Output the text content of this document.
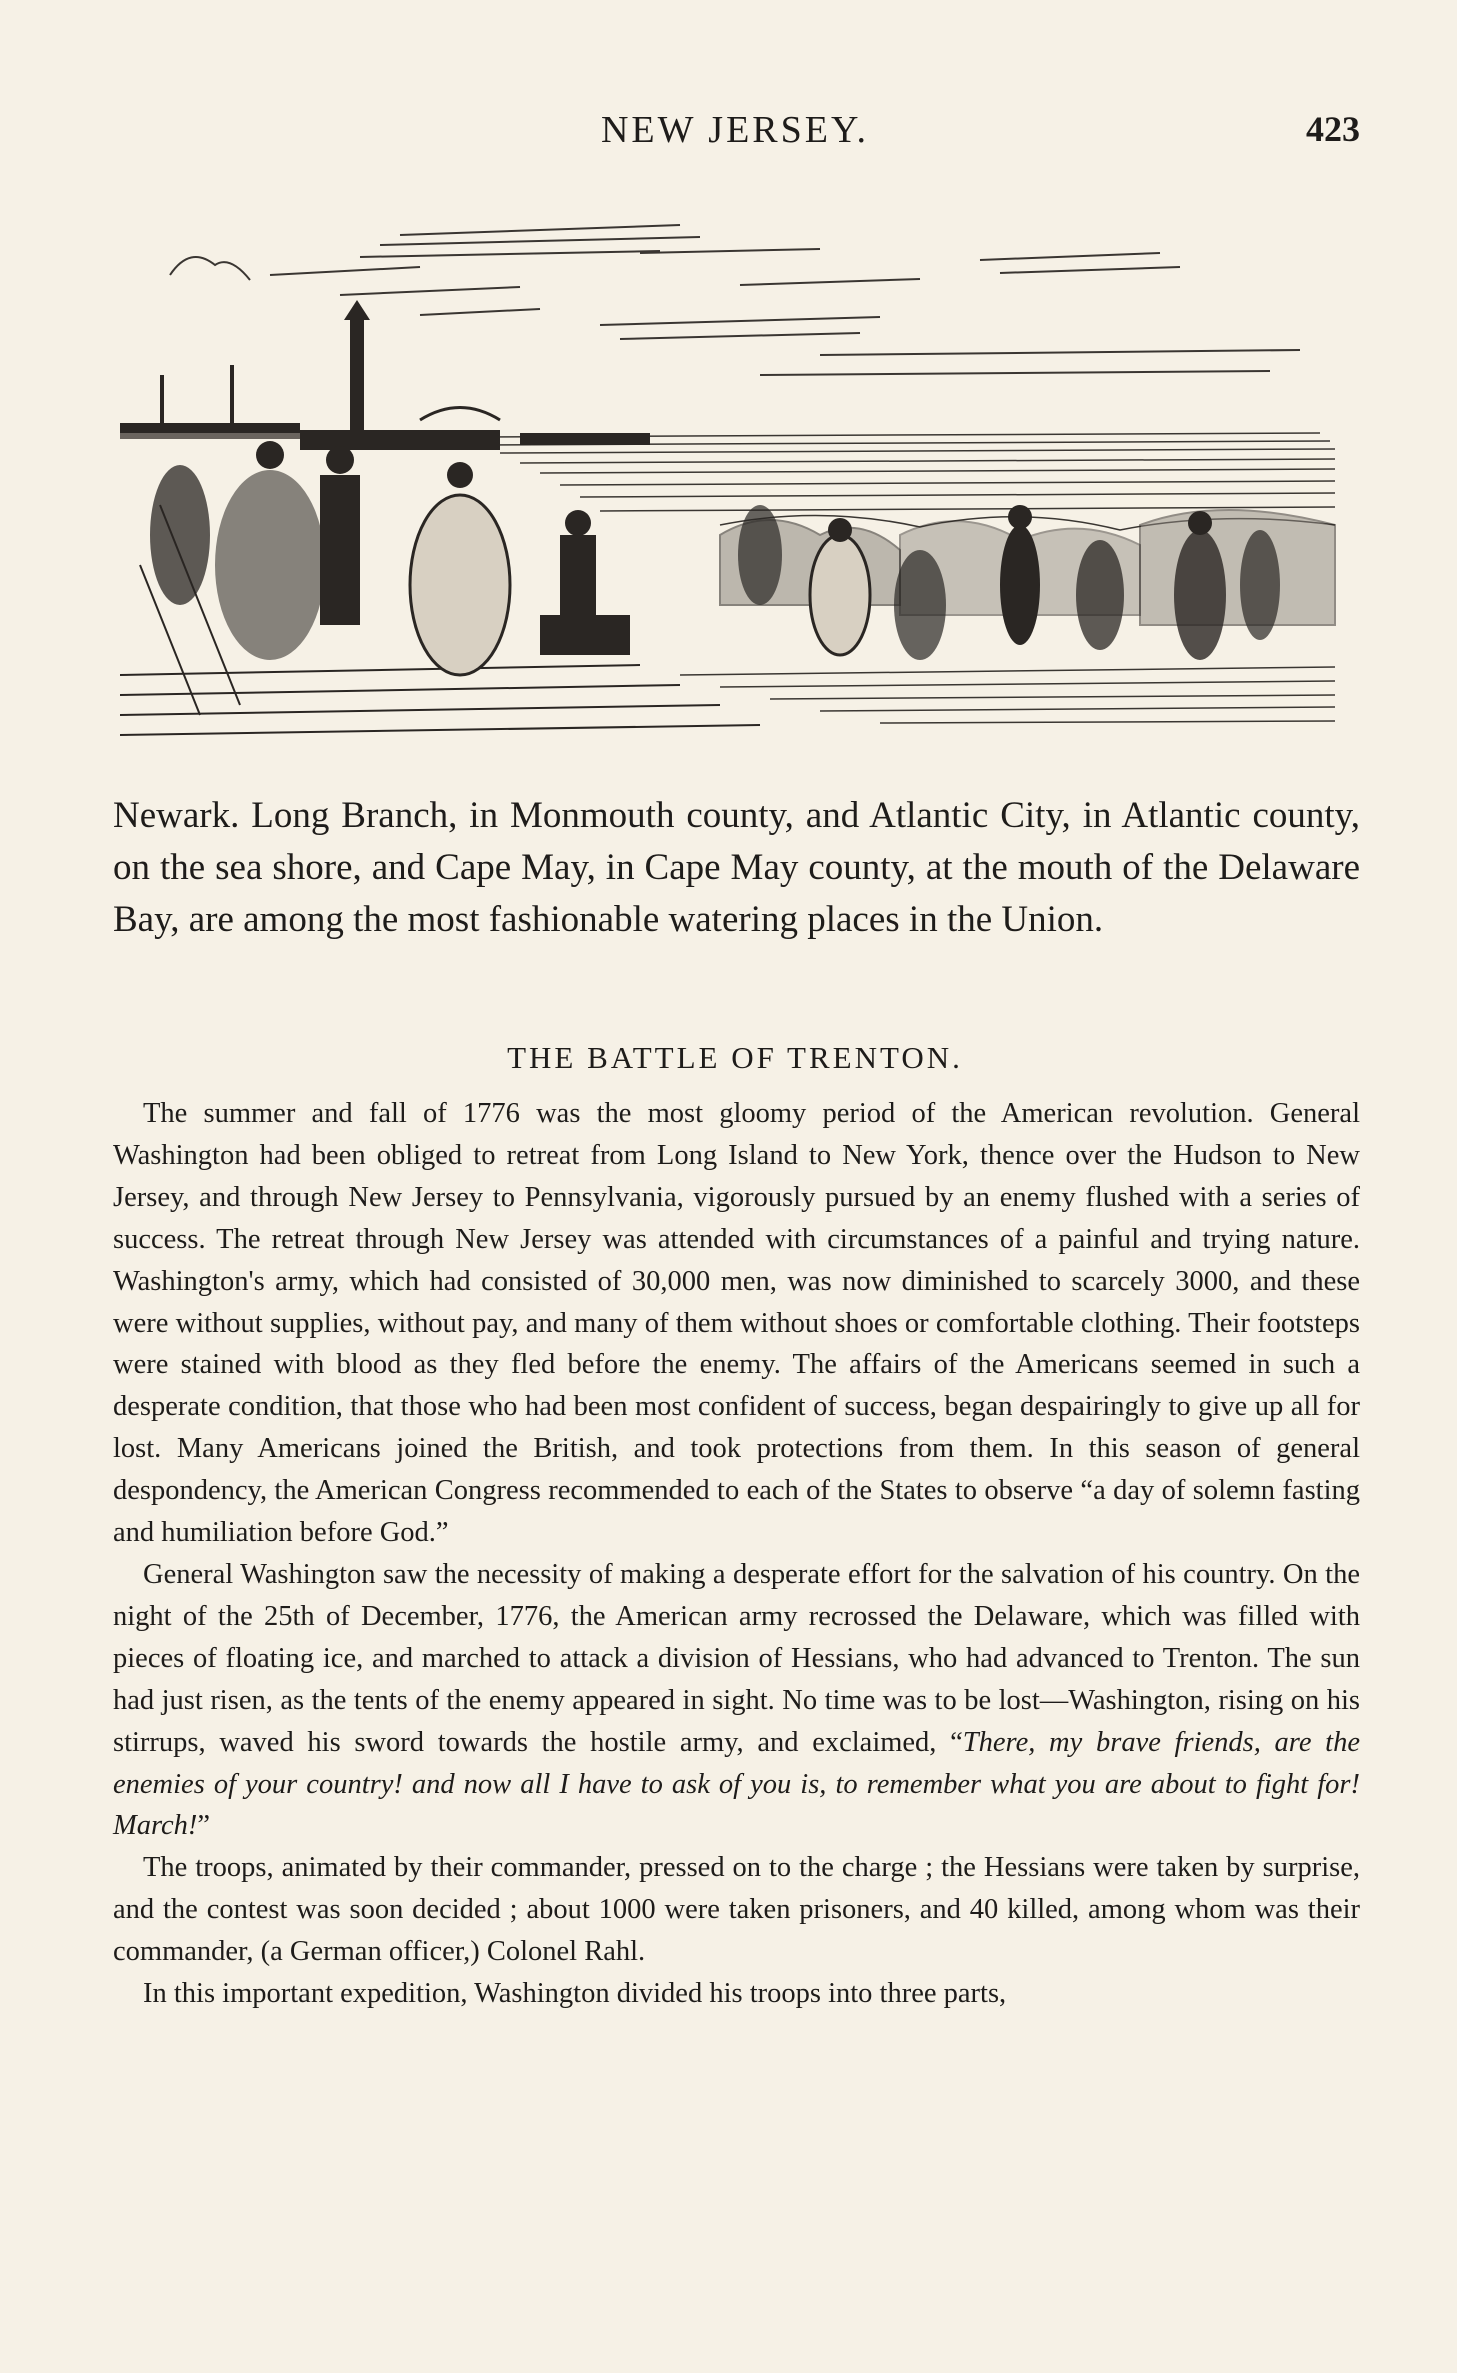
NEW JERSEY.	423

Newark. Long Branch, in Monmouth county, and Atlantic City, in Atlantic county, on the sea shore, and Cape May, in Cape May county, at the mouth of the Delaware Bay, are among the most fashionable watering places in the Union.

THE BATTLE OF TRENTON.

The summer and fall of 1776 was the most gloomy period of the American revolution. General Washington had been obliged to retreat from Long Island to New York, thence over the Hudson to New Jersey, and through New Jersey to Pennsylvania, vigorously pursued by an enemy flushed with a series of success. The retreat through New Jersey was attended with circumstances of a painful and trying nature. Washington's army, which had consisted of 30,000 men, was now diminished to scarcely 3000, and these were without supplies, without pay, and many of them without shoes or comfortable clothing. Their footsteps were stained with blood as they fled before the enemy. The affairs of the Americans seemed in such a desperate condition, that those who had been most confident of success, began despairingly to give up all for lost. Many Americans joined the British, and took protections from them. In this season of general despondency, the American Congress recommended to each of the States to observe “a day of solemn fasting and humiliation before God.”

General Washington saw the necessity of making a desperate effort for the salvation of his country. On the night of the 25th of December, 1776, the American army recrossed the Delaware, which was filled with pieces of floating ice, and marched to attack a division of Hessians, who had advanced to Trenton. The sun had just risen, as the tents of the enemy appeared in sight. No time was to be lost—Washington, rising on his stirrups, waved his sword towards the hostile army, and exclaimed, “There, my brave friends, are the enemies of your country! and now all I have to ask of you is, to remember what you are about to fight for! March!”

The troops, animated by their commander, pressed on to the charge ; the Hessians were taken by surprise, and the contest was soon decided ; about 1000 were taken prisoners, and 40 killed, among whom was their commander, (a German officer,) Colonel Rahl.

In this important expedition, Washington divided his troops into three parts,
